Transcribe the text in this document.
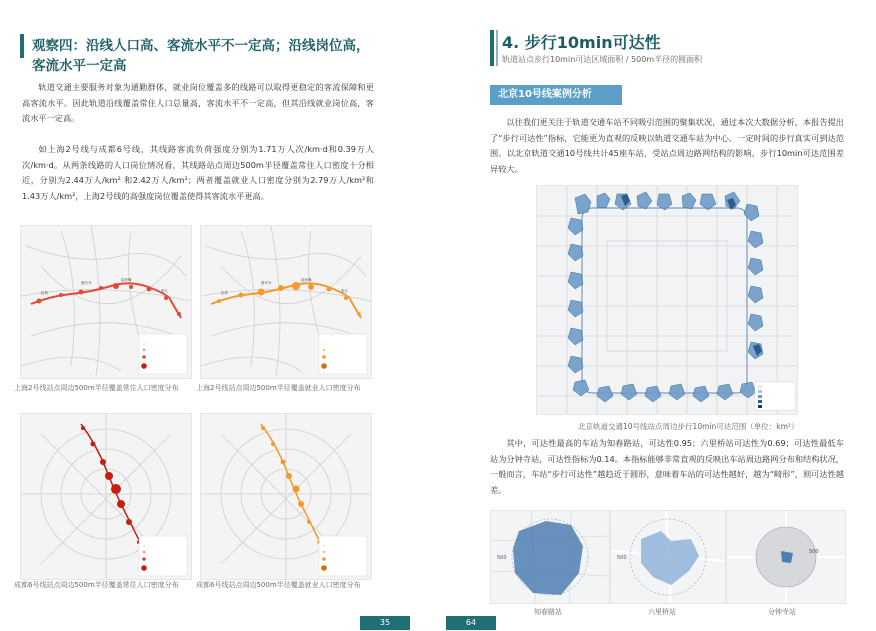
观察四：沿线人口高、客流水平不一定高；沿线岗位高，客流水平一定高
轨道交通主要服务对象为通勤群体，就业岗位覆盖多的线路可以取得更稳定的客流保障和更高客流水平。因此轨道沿线覆盖常住人口总量高，客流水平不一定高，但其沿线就业岗位高，客流水平一定高。
如上海2号线与成都6号线，其线路客流负荷强度分别为1.71万人次/km·d和0.39万人次/km·d。从两条线路的人口岗位情况看，其线路站点周边500m半径覆盖常住人口密度十分相近，分别为2.44万人/km² 和2.42万人/km²；两者覆盖就业人口密度分别为2.79万人/km²和1.43万人/km²，上海2号线的高强度岗位覆盖使得其客流水平更高。
虹桥
静安寺
陆家嘴
张江
上海2号线站点周边500m半径覆盖常住人口密度分布
虹桥
静安寺
陆家嘴
张江
上海2号线站点周边500m半径覆盖就业人口密度分布
成都6号线站点周边500m半径覆盖常住人口密度分布 成都6号线站点周边500m半径覆盖就业人口密度分布
35
4. 步行10min可达性
轨道站点步行10min可达区域面积 / 500m半径的圆面积
北京10号线案例分析
以往我们更关注于轨道交通车站不同吸引范围的聚集状况，通过本次大数据分析，本报告提出了“步行可达性”指标，它能更为直观的反映以轨道交通车站为中心、一定时间的步行真实可到达范围。以北京轨道交通10号线共计45座车站，受站点周边路网结构的影响，步行10min可达范围差异较大。
北京轨道交通10号线站点周边步行10min可达范围（单位：km²）
其中，可达性最高的车站为知春路站，可达性0.95；六里桥站可达性为0.69；可达性最低车站为分钟寺站，可达性指标为0.14。本指标能够非常直观的反映出车站周边路网分布和结构状况，一般而言，车站“步行可达性”越趋近于圆形，意味着车站的可达性越好，越为“畸形”，则可达性越差。
500	500
500
知春路站	六里桥站	分钟寺站
64
